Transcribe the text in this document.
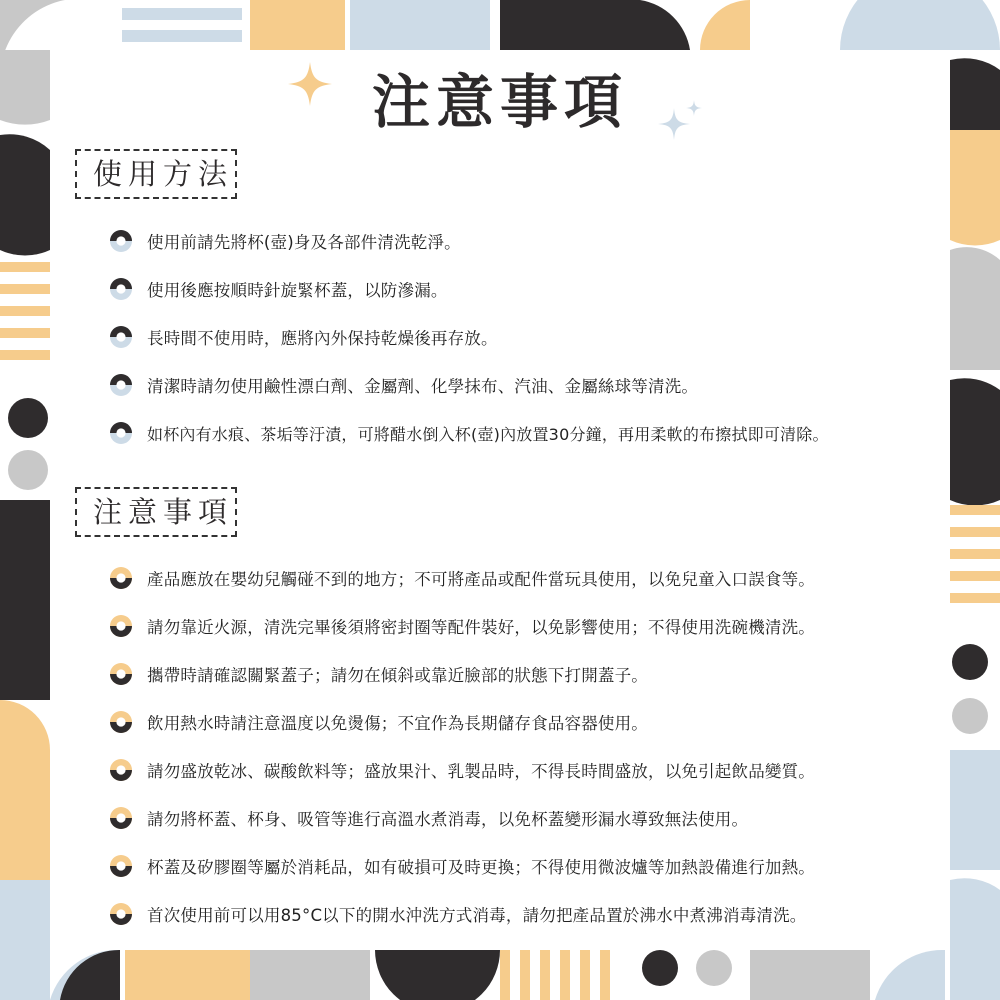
注意事項
使用方法
使用前請先將杯(壺)身及各部件清洗乾淨。
使用後應按順時針旋緊杯蓋，以防滲漏。
長時間不使用時，應將內外保持乾燥後再存放。
清潔時請勿使用鹼性漂白劑、金屬劑、化學抹布、汽油、金屬絲球等清洗。
如杯內有水痕、茶垢等汙漬，可將醋水倒入杯(壺)內放置30分鐘，再用柔軟的布擦拭即可清除。
注意事項
產品應放在嬰幼兒觸碰不到的地方；不可將產品或配件當玩具使用，以免兒童入口誤食等。
請勿靠近火源，清洗完畢後須將密封圈等配件裝好，以免影響使用；不得使用洗碗機清洗。
攜帶時請確認關緊蓋子；請勿在傾斜或靠近臉部的狀態下打開蓋子。
飲用熱水時請注意溫度以免燙傷；不宜作為長期儲存食品容器使用。
請勿盛放乾冰、碳酸飲料等；盛放果汁、乳製品時，不得長時間盛放，以免引起飲品變質。
請勿將杯蓋、杯身、吸管等進行高溫水煮消毒，以免杯蓋變形漏水導致無法使用。
杯蓋及矽膠圈等屬於消耗品，如有破損可及時更換；不得使用微波爐等加熱設備進行加熱。
首次使用前可以用85°C以下的開水沖洗方式消毒，請勿把產品置於沸水中煮沸消毒清洗。
